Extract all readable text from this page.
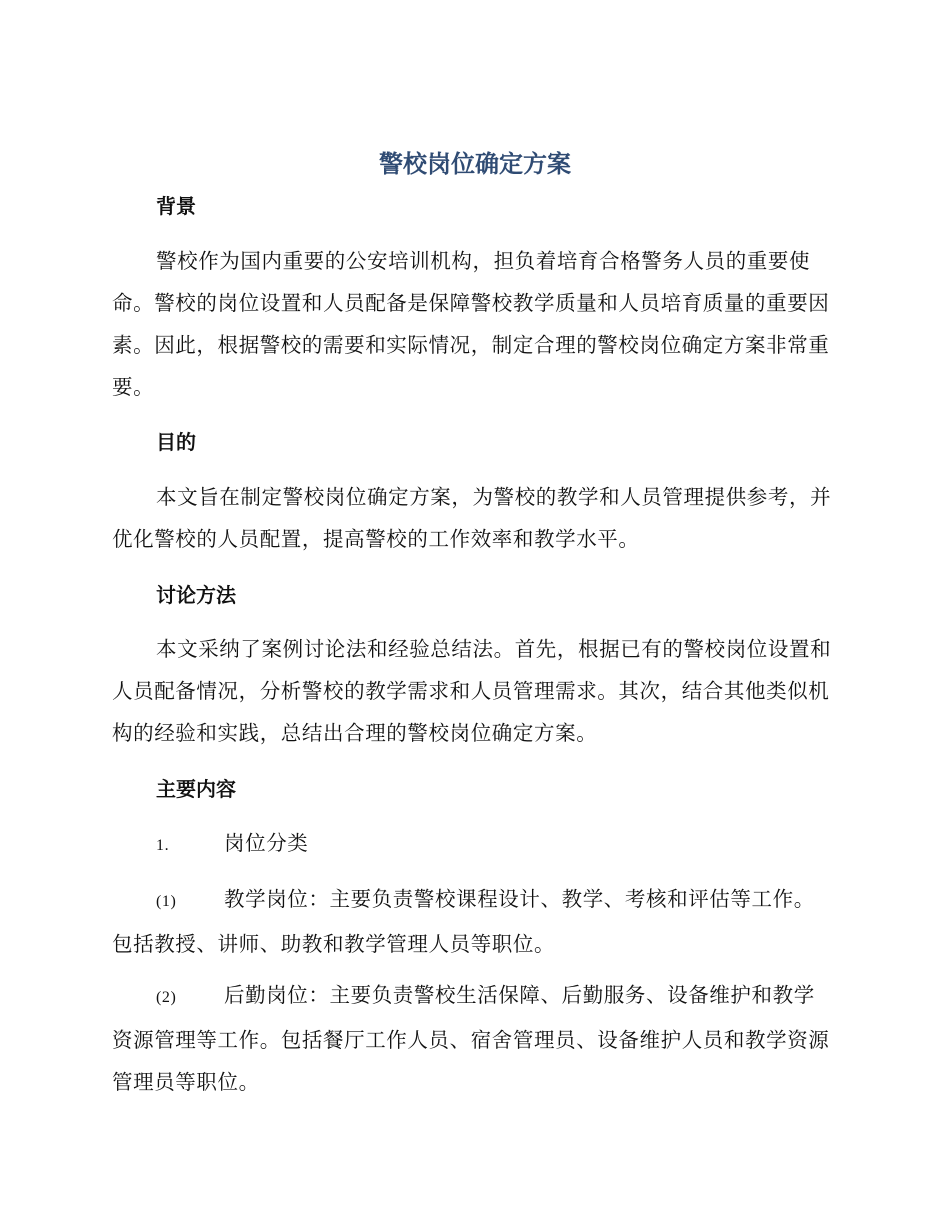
警校岗位确定方案
背景

警校作为国内重要的公安培训机构，担负着培育合格警务人员的重要使命。警校的岗位设置和人员配备是保障警校教学质量和人员培育质量的重要因素。因此，根据警校的需要和实际情况，制定合理的警校岗位确定方案非常重要。

目的

本文旨在制定警校岗位确定方案，为警校的教学和人员管理提供参考，并优化警校的人员配置，提高警校的工作效率和教学水平。

讨论方法

本文采纳了案例讨论法和经验总结法。首先，根据已有的警校岗位设置和人员配备情况，分析警校的教学需求和人员管理需求。其次，结合其他类似机构的经验和实践，总结出合理的警校岗位确定方案。

主要内容

1.	岗位分类

(1) 教学岗位：主要负责警校课程设计、教学、考核和评估等工作。包括教授、讲师、助教和教学管理人员等职位。

(2) 后勤岗位：主要负责警校生活保障、后勤服务、设备维护和教学资源管理等工作。包括餐厅工作人员、宿舍管理员、设备维护人员和教学资源管理员等职位。
